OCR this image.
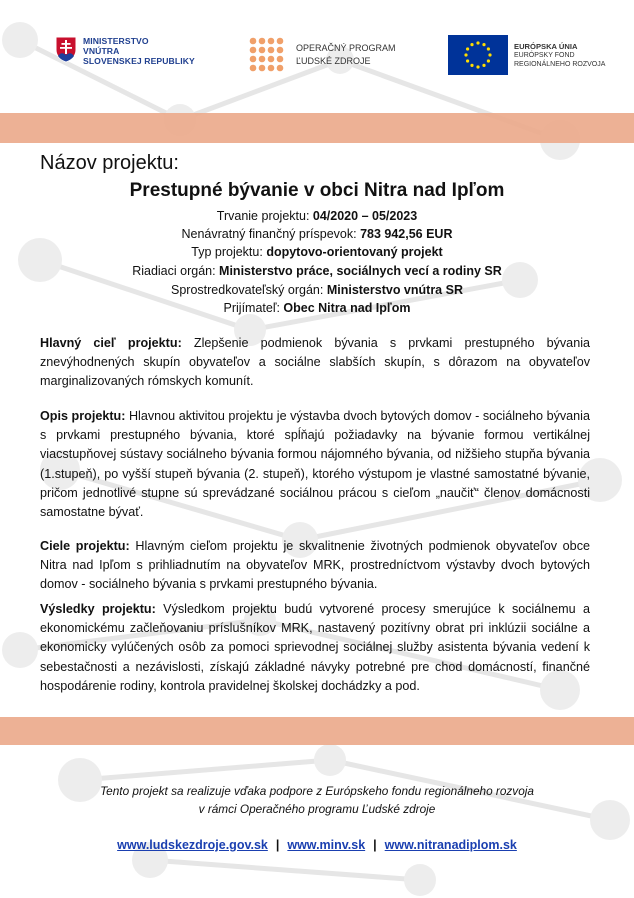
MINISTERSTVO
VNÚTRA
SLOVENSKEJ REPUBLIKY
OPERAČNÝ PROGRAM
ĽUDSKÉ ZDROJE
EURÓPSKA ÚNIA
EURÓPSKY FOND
REGIONÁLNEHO ROZVOJA
Názov projektu:
Prestupné bývanie v obci Nitra nad Ipľom
Trvanie projektu: 04/2020 – 05/2023
Nenávratný finančný príspevok: 783 942,56 EUR
Typ projektu: dopytovo-orientovaný projekt
Riadiaci orgán: Ministerstvo práce, sociálnych vecí a rodiny SR
Sprostredkovateľský orgán: Ministerstvo vnútra SR
Prijímateľ: Obec Nitra nad Ipľom
Hlavný cieľ projektu: Zlepšenie podmienok bývania s prvkami prestupného bývania znevýhodnených skupín obyvateľov a sociálne slabších skupín, s dôrazom na obyvateľov marginalizovaných rómskych komunít.
Opis projektu: Hlavnou aktivitou projektu je výstavba dvoch bytových domov - sociálneho bývania s prvkami prestupného bývania, ktoré spĺňajú požiadavky na bývanie formou vertikálnej viacstupňovej sústavy sociálneho bývania formou nájomného bývania, od nižšieho stupňa bývania (1.stupeň), po vyšší stupeň bývania (2. stupeň), ktorého výstupom je vlastné samostatné bývanie, pričom jednotlivé stupne sú sprevádzané sociálnou prácou s cieľom „naučiť“ členov domácnosti samostatne bývať.
Ciele projektu: Hlavným cieľom projektu je skvalitnenie životných podmienok obyvateľov obce Nitra nad Ipľom s prihliadnutím na obyvateľov MRK, prostredníctvom výstavby dvoch bytových domov - sociálneho bývania s prvkami prestupného bývania.
Výsledky projektu: Výsledkom projektu budú vytvorené procesy smerujúce k sociálnemu a ekonomickému začleňovaniu príslušníkov MRK, nastavený pozitívny obrat pri inklúzii sociálne a ekonomicky vylúčených osôb za pomoci sprievodnej sociálnej služby asistenta bývania vedení k sebestačnosti a nezávislosti, získajú základné návyky potrebné pre chod domácností, finančné hospodárenie rodiny, kontrola pravidelnej školskej dochádzky a pod.
Tento projekt sa realizuje vďaka podpore z Európskeho fondu regionálneho rozvoja
v rámci Operačného programu Ľudské zdroje
www.ludskezdroje.gov.sk | www.minv.sk | www.nitranadiplom.sk
